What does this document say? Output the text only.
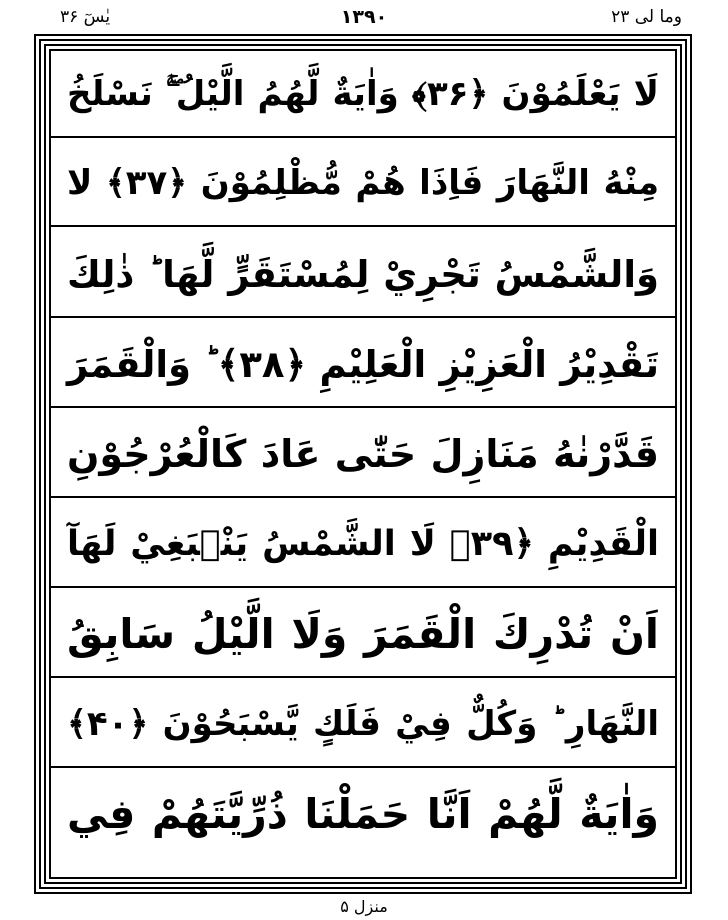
وما لی ۲۳
۱۳۹۰
یٰسٓ ۳۶
لَا يَعْلَمُوْنَ ﴿۳۶﴾ وَاٰيَةٌ لَّهُمُ الَّيْلُ ۖۚ نَسْلَخُ
مِنْهُ النَّهَارَ فَاِذَا هُمْ مُّظْلِمُوْنَ ﴿۳۷﴾ لا
وَالشَّمْسُ تَجْرِيْ لِمُسْتَقَرٍّ لَّهَا ؕ ذٰلِكَ
تَقْدِيْرُ الْعَزِيْزِ الْعَلِيْمِ ﴿۳۸﴾ ؕ وَالْقَمَرَ
قَدَّرْنٰهُ مَنَازِلَ حَتّٰى عَادَ كَالْعُرْجُوْنِ
الْقَدِيْمِ ﴿۳۹﴾ لَا الشَّمْسُ يَنْۢبَغِيْ لَهَآ
اَنْ تُدْرِكَ الْقَمَرَ وَلَا الَّيْلُ سَابِقُ
النَّهَارِ ؕ وَكُلٌّ فِيْ فَلَكٍ يَّسْبَحُوْنَ ﴿۴۰﴾
وَاٰيَةٌ لَّهُمْ اَنَّا حَمَلْنَا ذُرِّيَّتَهُمْ فِي
منزل ۵
